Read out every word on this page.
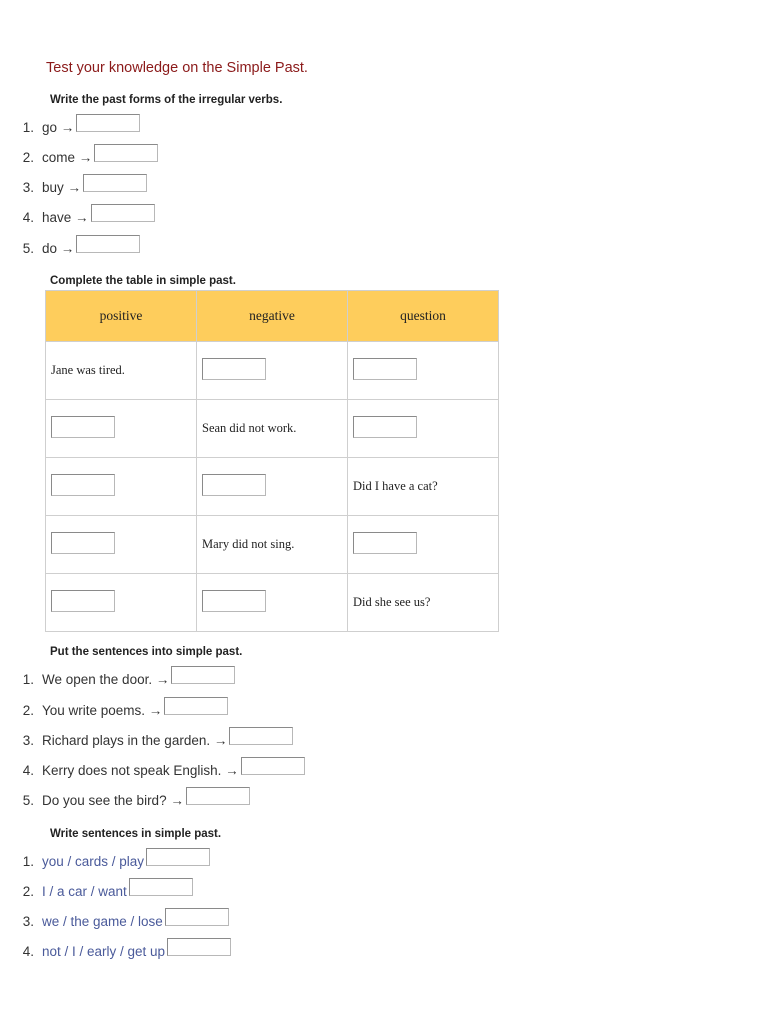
Test your knowledge on the Simple Past.
Write the past forms of the irregular verbs.
1. go →
2. come →
3. buy →
4. have →
5. do →
Complete the table in simple past.
positive	negative	question
Jane was tired.		
	Sean did not work.	
		Did I have a cat?
	Mary did not sing.	
		Did she see us?
Put the sentences into simple past.
1. We open the door. →
2. You write poems. →
3. Richard plays in the garden. →
4. Kerry does not speak English. →
5. Do you see the bird? →
Write sentences in simple past.
1. you / cards / play
2. I / a car / want
3. we / the game / lose
4. not / I / early / get up
